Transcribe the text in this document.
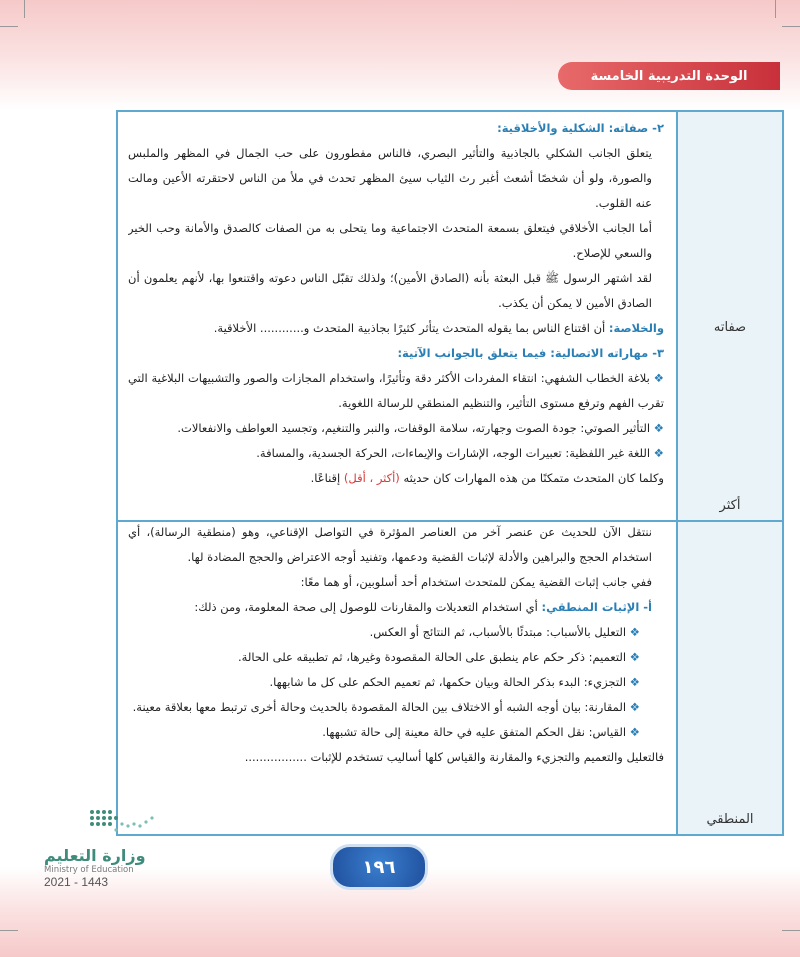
الوحدة التدريبية الخامسة
صفاته
أكثر
المنطقي

٢- صفاته: الشكلية والأخلاقية:

يتعلق الجانب الشكلي بالجاذبية والتأثير البصري، فالناس مفطورون على حب الجمال في المظهر والملبس والصورة، ولو أن شخصًا أشعث أغبر رث الثياب سيئ المظهر تحدث في ملأ من الناس لاحتقرته الأعين ومالت عنه القلوب.

أما الجانب الأخلاقي فيتعلق بسمعة المتحدث الاجتماعية وما يتحلى به من الصفات كالصدق والأمانة وحب الخير والسعي للإصلاح.

لقد اشتهر الرسول ﷺ قبل البعثة بأنه (الصادق الأمين)؛ ولذلك تقبّل الناس دعوته واقتنعوا بها، لأنهم يعلمون أن الصادق الأمين لا يمكن أن يكذب.

والخلاصة: أن اقتناع الناس بما يقوله المتحدث يتأثر كثيرًا بجاذبية المتحدث و............ الأخلاقية.

٣- مهاراته الاتصالية: فيما يتعلق بالجوانب الآتية:

❖ بلاغة الخطاب الشفهي: انتقاء المفردات الأكثر دقة وتأثيرًا، واستخدام المجازات والصور والتشبيهات البلاغية التي تقرب الفهم وترفع مستوى التأثير، والتنظيم المنطقي للرسالة اللغوية.

❖ التأثير الصوتي: جودة الصوت وجهارته، سلامة الوقفات، والنبر والتنغيم، وتجسيد العواطف والانفعالات.

❖ اللغة غير اللفظية: تعبيرات الوجه، الإشارات والإيماءات، الحركة الجسدية، والمسافة.

وكلما كان المتحدث متمكنًا من هذه المهارات كان حديثه (أكثر ، أقل) إقناعًا.

ننتقل الآن للحديث عن عنصر آخر من العناصر المؤثرة في التواصل الإقناعي، وهو (منطقية الرسالة)، أي استخدام الحجج والبراهين والأدلة لإثبات القضية ودعمها، وتفنيد أوجه الاعتراض والحجج المضادة لها.

ففي جانب إثبات القضية يمكن للمتحدث استخدام أحد أسلوبين، أو هما معًا:

أ- الإثبات المنطقي: أي استخدام التعديلات والمقارنات للوصول إلى صحة المعلومة، ومن ذلك:

❖ التعليل بالأسباب: مبتدئًا بالأسباب، ثم النتائج أو العكس.

❖ التعميم: ذكر حكم عام ينطبق على الحالة المقصودة وغيرها، ثم تطبيقه على الحالة.

❖ التجزيء: البدء بذكر الحالة وبيان حكمها، ثم تعميم الحكم على كل ما شابهها.

❖ المقارنة: بيان أوجه الشبه أو الاختلاف بين الحالة المقصودة بالحديث وحالة أخرى ترتبط معها بعلاقة معينة.

❖ القياس: نقل الحكم المتفق عليه في حالة معينة إلى حالة تشبهها.

فالتعليل والتعميم والتجزيء والمقارنة والقياس كلها أساليب تستخدم للإثبات .................

وزارة التعليم
Ministry of Education
2021 - 1443
١٩٦
